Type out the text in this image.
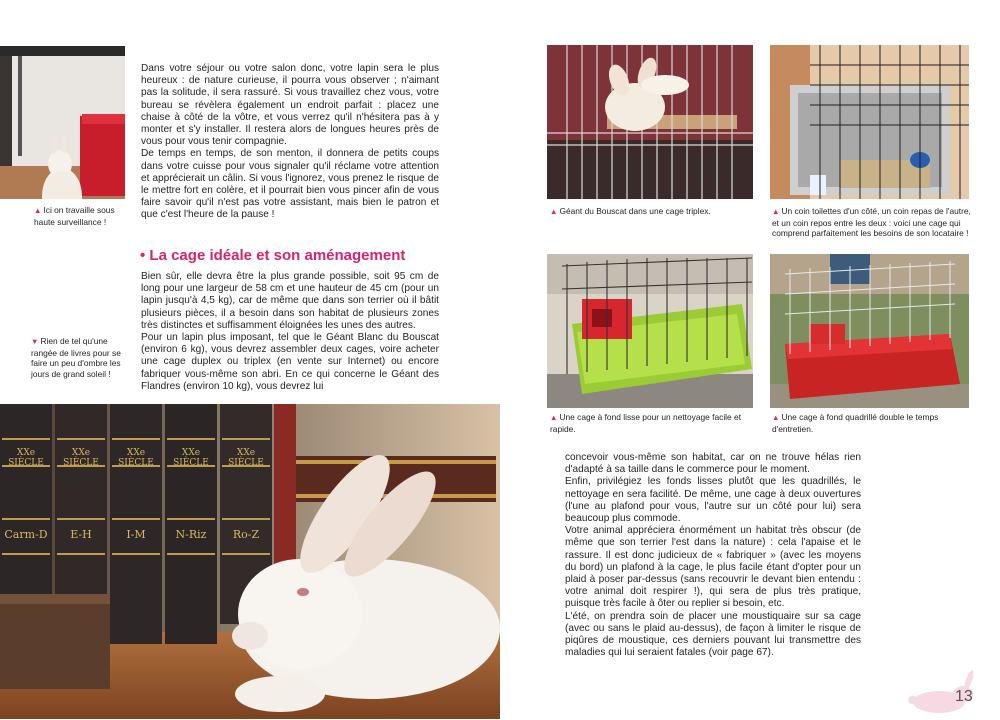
▲ Ici on travaille sous haute surveillance !

Dans votre séjour ou votre salon donc, votre lapin sera le plus heureux : de nature curieuse, il pourra vous observer ; n'aimant pas la solitude, il sera rassuré. Si vous travaillez chez vous, votre bureau se révèlera également un endroit parfait : placez une chaise à côté de la vôtre, et vous verrez qu'il n'hésitera pas à y monter et s'y installer. Il restera alors de longues heures près de vous pour vous tenir compagnie.

De temps en temps, de son menton, il donnera de petits coups dans votre cuisse pour vous signaler qu'il réclame votre attention et apprécierait un câlin. Si vous l'ignorez, vous prenez le risque de le mettre fort en colère, et il pourrait bien vous pincer afin de vous faire savoir qu'il n'est pas votre assistant, mais bien le patron et que c'est l'heure de la pause !

• La cage idéale et son aménagement

Bien sûr, elle devra être la plus grande possible, soit 95 cm de long pour une largeur de 58 cm et une hauteur de 45 cm (pour un lapin jusqu'à 4,5 kg), car de même que dans son terrier où il bâtit plusieurs pièces, il a besoin dans son habitat de plusieurs zones très distinctes et suffisamment éloignées les unes des autres.

Pour un lapin plus imposant, tel que le Géant Blanc du Bouscat (environ 6 kg), vous devrez assembler deux cages, voire acheter une cage duplex ou triplex (en vente sur Internet) ou encore fabriquer vous-même son abri. En ce qui concerne le Géant des Flandres (environ 10 kg), vous devrez lui

▼ Rien de tel qu'une rangée de livres pour se faire un peu d'ombre les jours de grand soleil !

XXe SIÈCLE
XXe SIÈCLE
XXe SIÈCLE
XXe SIÈCLE
XXe SIÈCLE
Carm-D	E-H	I-M	N-Riz	Ro-Z

▲ Géant du Bouscat dans une cage triplex.	▲ Un coin toilettes d'un côté, un coin repas de l'autre, et un coin repos entre les deux : voici une cage qui comprend parfaitement les besoins de son locataire !

▲ Une cage à fond lisse pour un nettoyage facile et rapide.

▲ Une cage à fond quadrillé double le temps d'entretien.

concevoir vous-même son habitat, car on ne trouve hélas rien d'adapté à sa taille dans le commerce pour le moment.

Enfin, privilégiez les fonds lisses plutôt que les quadrillés, le nettoyage en sera facilité. De même, une cage à deux ouvertures (l'une au plafond pour vous, l'autre sur un côté pour lui) sera beaucoup plus commode.

Votre animal appréciera énormément un habitat très obscur (de même que son terrier l'est dans la nature) : cela l'apaise et le rassure. Il est donc judicieux de « fabriquer » (avec les moyens du bord) un plafond à la cage, le plus facile étant d'opter pour un plaid à poser par-dessus (sans recouvrir le devant bien entendu : votre animal doit respirer !), qui sera de plus très pratique, puisque très facile à ôter ou replier si besoin, etc.

L'été, on prendra soin de placer une moustiquaire sur sa cage (avec ou sans le plaid au-dessus), de façon à limiter le risque de piqûres de moustique, ces derniers pouvant lui transmettre des maladies qui lui seraient fatales (voir page 67).

13
